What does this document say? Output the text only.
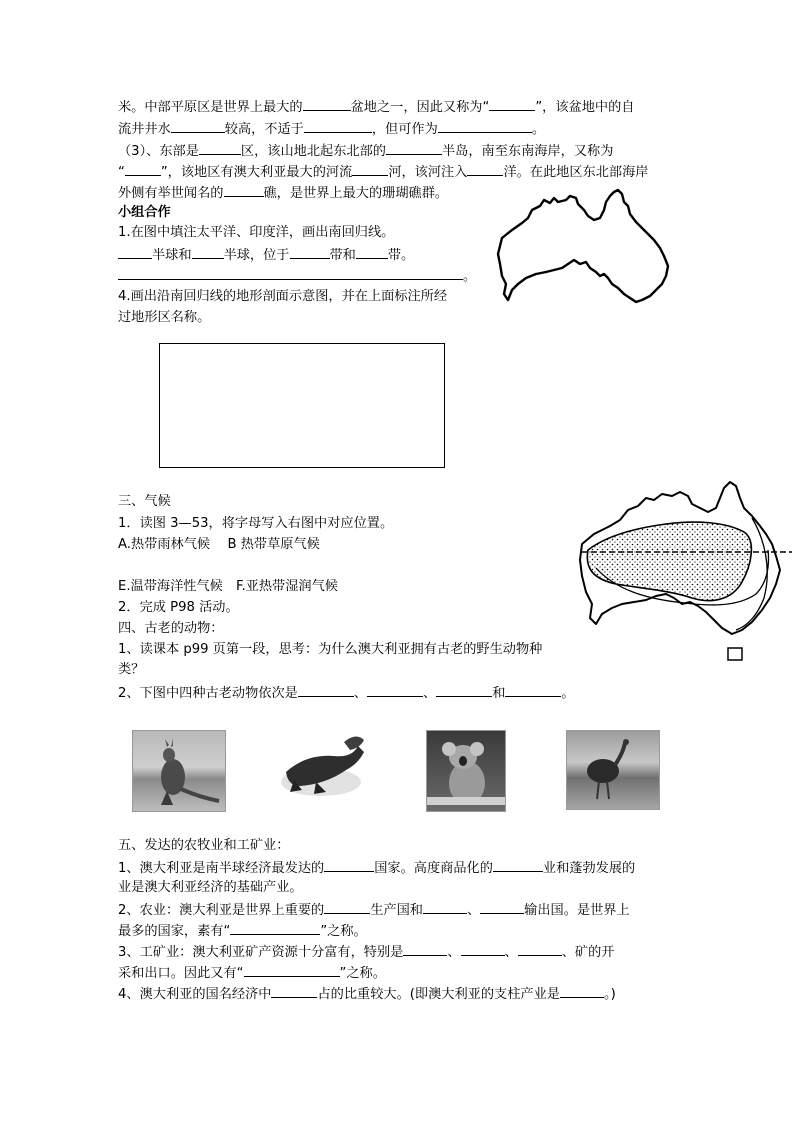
米。中部平原区是世界上最大的	盆地之一，因此又称为“	”，该盆地中的自
流井井水	较高，不适于	，但可作为	。
（3）、东部是	区，该山地北起东北部的	半岛，南至东南海岸，又称为
“	”，该地区有澳大利亚最大的河流	河，该河注入	洋。在此地区东北部海岸
外侧有举世闻名的	礁，是世界上最大的珊瑚礁群。
小组合作
1.在图中填注太平洋、印度洋，画出南回归线。
半球和 半球，位于	带和 带。
。
4.画出沿南回归线的地形剖面示意图，并在上面标注所经
过地形区名称。
三、气候
1．读图 3—53，将字母写入右图中对应位置。
A.热带雨林气候　 B 热带草原气候
E.温带海洋性气候　F.亚热带湿润气候
2．完成 P98 活动。
四、古老的动物：
1、读课本 p99 页第一段，思考：为什么澳大利亚拥有古老的野生动物种
类？
2、下图中四种古老动物依次是	、	、	和	。
五、发达的农牧业和工矿业：
1、澳大利亚是南半球经济最发达的	国家。高度商品化的	业和蓬勃发展的
业是澳大利亚经济的基础产业。
2、农业：澳大利亚是世界上重要的	生产国和	、	输出国。是世界上
最多的国家，素有“	”之称。
3、工矿业：澳大利亚矿产资源十分富有，特别是	、	、	、矿的开
采和出口。因此又有“	”之称。
4、澳大利亚的国名经济中	占的比重较大。(即澳大利亚的支柱产业是	。)
